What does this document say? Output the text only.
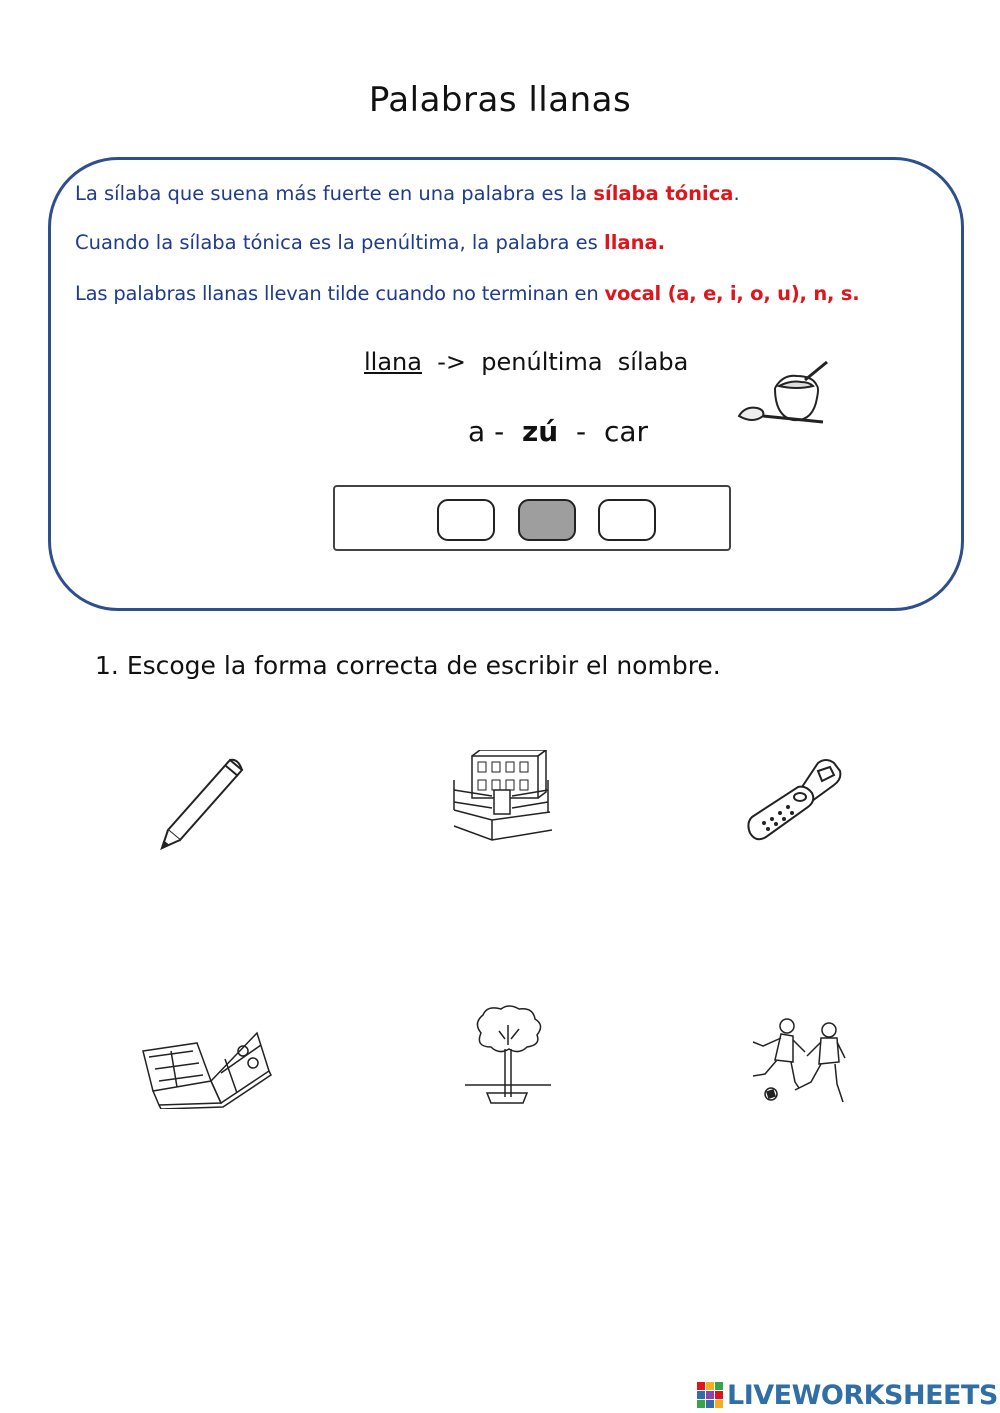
Palabras llanas
La sílaba que suena más fuerte en una palabra es la sílaba tónica.
Cuando la sílaba tónica es la penúltima, la palabra es llana.
Las palabras llanas llevan tilde cuando no terminan en vocal (a, e, i, o, u), n, s.
llana -> penúltima  sílaba
a - zú - car
1. Escoge la forma correcta de escribir el nombre.
LIVEWORKSHEETS
